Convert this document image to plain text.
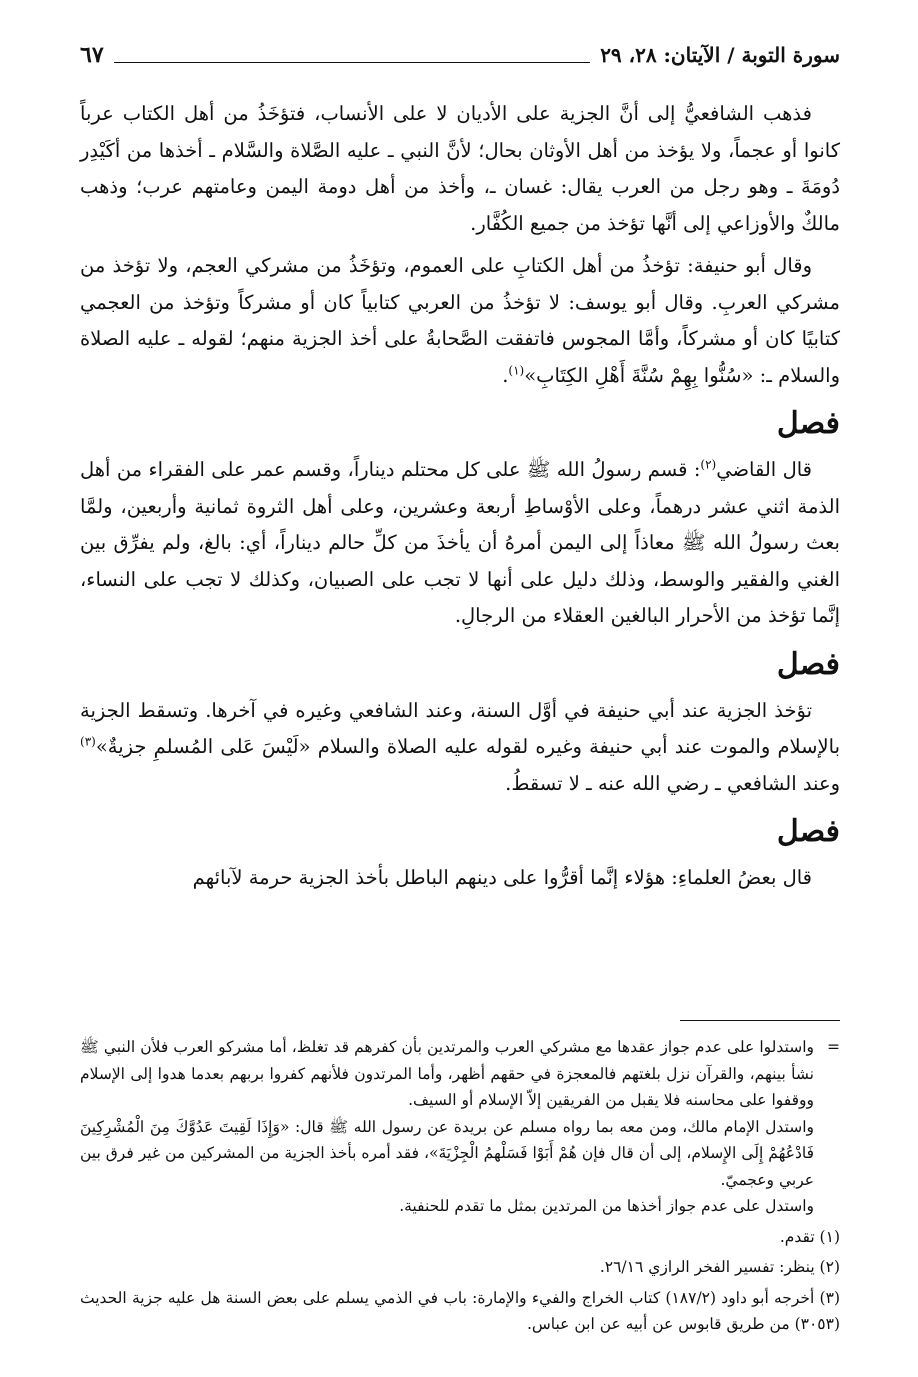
سورة التوبة / الآيتان: ٢٨، ٢٩
٦٧

فذهب الشافعيُّ إلى أنَّ الجزية على الأديان لا على الأنساب، فتؤخَذُ من أهل الكتاب عرباً كانوا أو عجماً، ولا يؤخذ من أهل الأوثان بحال؛ لأنَّ النبي ـ عليه الصَّلاة والسَّلام ـ أخذها من أكَيْدِر دُومَةَ ـ وهو رجل من العرب يقال: غسان ـ، وأخذ من أهل دومة اليمن وعامتهم عرب؛ وذهب مالكٌ والأوزاعي إلى أنَّها تؤخذ من جميع الكُفَّار.

وقال أبو حنيفة: تؤخذُ من أهل الكتابِ على العموم، وتؤخَذُ من مشركي العجم، ولا تؤخذ من مشركي العربِ. وقال أبو يوسف: لا تؤخذُ من العربي كتابياً كان أو مشركاً وتؤخذ من العجمي كتابيًا كان أو مشركاً، وأمَّا المجوس فاتفقت الصَّحابةُ على أخذ الجزية منهم؛ لقوله ـ عليه الصلاة والسلام ـ: «سُنُّوا بِهِمْ سُنَّةَ أَهْلِ الكِتَابِ»$^{(١)}$.

فصل

قال القاضي$^{(٢)}$: قسم رسولُ الله ﷺ على كل محتلم ديناراً، وقسم عمر على الفقراء من أهل الذمة اثني عشر درهماً، وعلى الأوْساطِ أربعة وعشرين، وعلى أهل الثروة ثمانية وأربعين، ولمَّا بعث رسولُ الله ﷺ معاذاً إلى اليمن أمرهُ أن يأخذَ من كلِّ حالم ديناراً، أي: بالغ، ولم يفرِّق بين الغني والفقير والوسط، وذلك دليل على أنها لا تجب على الصبيان، وكذلك لا تجب على النساء، إنَّما تؤخذ من الأحرار البالغين العقلاء من الرجالِ.

فصل

تؤخذ الجزية عند أبي حنيفة في أوَّل السنة، وعند الشافعي وغيره في آخرها. وتسقط الجزية بالإسلام والموت عند أبي حنيفة وغيره لقوله عليه الصلاة والسلام «لَيْسَ عَلى المُسلمِ جزيةٌ»$^{(٣)}$ وعند الشافعي ـ رضي الله عنه ـ لا تسقطُ.

فصل

قال بعضُ العلماءِ: هؤلاء إنَّما أقرُّوا على دينهم الباطل بأخذ الجزية حرمة لآبائهم

=
واستدلوا على عدم جواز عقدها مع مشركي العرب والمرتدين بأن كفرهم قد تغلظ، أما مشركو العرب فلأن النبي ﷺ نشأ بينهم، والقرآن نزل بلغتهم فالمعجزة في حقهم أظهر، وأما المرتدون فلأنهم كفروا بربهم بعدما هدوا إلى الإسلام ووقفوا على محاسنه فلا يقبل من الفريقين إلاّ الإسلام أو السيف.

واستدل الإمام مالك، ومن معه بما رواه مسلم عن بريدة عن رسول الله ﷺ قال: «وَإِذَا لَقِيتَ عَدُوَّكَ مِنَ الْمُشْرِكِينَ فَادْعُهُمْ إِلَى الإِسلام، إلى أن قال فإن هُمْ أَبَوْا فَسَلْهمُ الْجِزْيَةَ»، فقد أمره بأخذ الجزية من المشركين من غير فرق بين عربي وعجميّ.

واستدل على عدم جواز أخذها من المرتدين بمثل ما تقدم للحنفية.

(١) تقدم.

(٢) ينظر: تفسير الفخر الرازي ٢٦/١٦.

(٣) أخرجه أبو داود (١٨٧/٢) كتاب الخراج والفيء والإمارة: باب في الذمي يسلم على بعض السنة هل عليه جزية الحديث (٣٠٥٣) من طريق قابوس عن أبيه عن ابن عباس.
